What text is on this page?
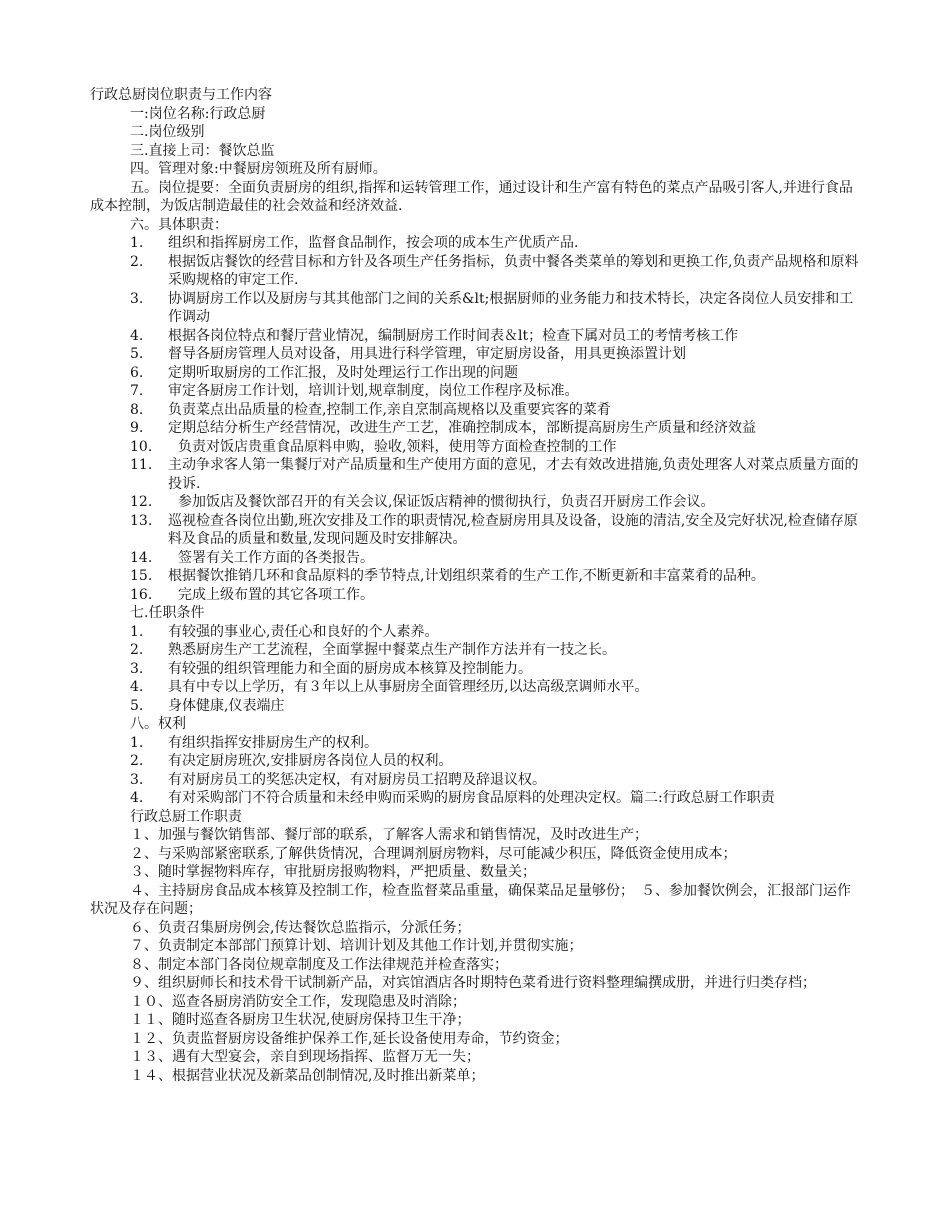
行政总厨岗位职责与工作内容
一:岗位名称:行政总厨
二.岗位级别
三.直接上司：餐饮总监
四。管理对象:中餐厨房领班及所有厨师。
五。岗位提要：全面负责厨房的组织,指挥和运转管理工作，通过设计和生产富有特色的菜点产品吸引客人,并进行食品成本控制，为饭店制造最佳的社会效益和经济效益.
六。具体职责：
1.	组织和指挥厨房工作，监督食品制作，按会项的成本生产优质产品.
2.	根据饭店餐饮的经营目标和方针及各项生产任务指标，负责中餐各类菜单的筹划和更换工作,负责产品规格和原料采购规格的审定工作.
3.	协调厨房工作以及厨房与其其他部门之间的关系&lt;根据厨师的业务能力和技术特长，决定各岗位人员安排和工作调动
4.	根据各岗位特点和餐厅营业情况，编制厨房工作时间表＆lt；检查下属对员工的考情考核工作
5.	督导各厨房管理人员对设备，用具进行科学管理，审定厨房设备，用具更换添置计划
6.	定期听取厨房的工作汇报，及时处理运行工作出现的问题
7.	审定各厨房工作计划，培训计划,规章制度，岗位工作程序及标准。
8.	负责菜点出品质量的检查,控制工作,亲自烹制高规格以及重要宾客的菜肴
9.	定期总结分析生产经营情况，改进生产工艺，准确控制成本，部断提高厨房生产质量和经济效益
10.	负责对饭店贵重食品原料申购，验收,领料，使用等方面检查控制的工作
11.	主动争求客人第一集餐厅对产品质量和生产使用方面的意见，才去有效改进措施,负责处理客人对菜点质量方面的投诉.
12.	参加饭店及餐饮部召开的有关会议,保证饭店精神的惯彻执行，负责召开厨房工作会议。
13.	巡视检查各岗位出勤,班次安排及工作的职责情况,检查厨房用具及设备，设施的清洁,安全及完好状况,检查储存原料及食品的质量和数量,发现问题及时安排解决。
14.	签署有关工作方面的各类报告。
15.	根据餐饮推销几环和食品原料的季节特点,计划组织菜肴的生产工作,不断更新和丰富菜肴的品种。
16.	完成上级布置的其它各项工作。
七.任职条件
1.	有较强的事业心,责任心和良好的个人素养。
2.	熟悉厨房生产工艺流程，全面掌握中餐菜点生产制作方法并有一技之长。
3.	有较强的组织管理能力和全面的厨房成本核算及控制能力。
4.	具有中专以上学历，有３年以上从事厨房全面管理经历,以达高级烹调师水平。
5.	身体健康,仪表端庄
八。权利
1.	有组织指挥安排厨房生产的权利。
2.	有决定厨房班次,安排厨房各岗位人员的权利。
3.	有对厨房员工的奖惩决定权，有对厨房员工招聘及辞退议权。
4.	有对采购部门不符合质量和未经申购而采购的厨房食品原料的处理决定权。篇二:行政总厨工作职责
行政总厨工作职责
１、加强与餐饮销售部、餐厅部的联系，了解客人需求和销售情况，及时改进生产；
２、与采购部紧密联系,了解供货情况，合理调剂厨房物料，尽可能减少积压，降低资金使用成本；
３、随时掌握物料库存，审批厨房报购物料，严把质量、数量关；
４、主持厨房食品成本核算及控制工作，检查监督菜品重量，确保菜品足量够份；　５、参加餐饮例会，汇报部门运作状况及存在问题；
６、负责召集厨房例会,传达餐饮总监指示，分派任务；
７、负责制定本部部门预算计划、培训计划及其他工作计划,并贯彻实施；
８、制定本部门各岗位规章制度及工作法律规范并检查落实；
９、组织厨师长和技术骨干试制新产品，对宾馆酒店各时期特色菜肴进行资料整理编撰成册，并进行归类存档；
１０、巡查各厨房消防安全工作，发现隐患及时消除；
１１、随时巡查各厨房卫生状况,使厨房保持卫生干净；
１２、负责监督厨房设备维护保养工作,延长设备使用寿命，节约资金；
１３、遇有大型宴会，亲自到现场指挥、监督万无一失；
１４、根据营业状况及新菜品创制情况,及时推出新菜单；
